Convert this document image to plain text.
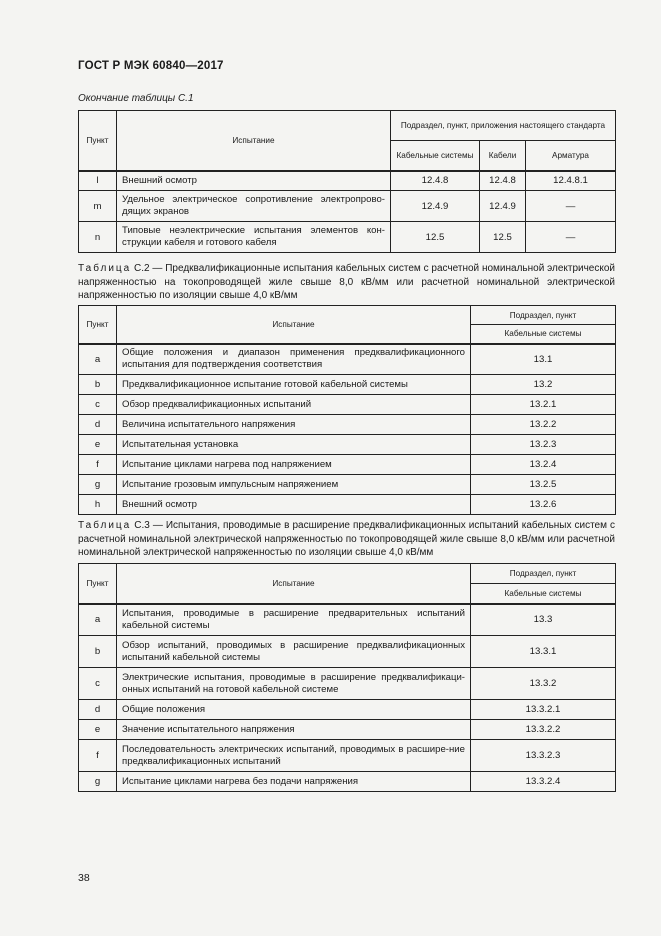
ГОСТ Р МЭК 60840—2017
Окончание таблицы С.1
Пункт	Испытание	Подраздел, пункт, приложения настоящего стандарта		
		Кабельные системы	Кабели	Арматура
l	Внешний осмотр	12.4.8	12.4.8	12.4.8.1
m	Удельное электрическое сопротивление электропрово-дящих экранов	12.4.9	12.4.9	—
n	Типовые неэлектрические испытания элементов кон-струкции кабеля и готового кабеля	12.5	12.5	—
Таблица С.2 — Предквалификационные испытания кабельных систем с расчетной номинальной электрической напряженностью на токопроводящей жиле свыше 8,0 кВ/мм или расчетной номинальной электрической напряженностью по изоляции свыше 4,0 кВ/мм
Пункт	Испытание	Подраздел, пункт
		Кабельные системы
a	Общие положения и диапазон применения предквалификационного испытания для подтверждения соответствия	13.1
b	Предквалификационное испытание готовой кабельной системы	13.2
c	Обзор предквалификационных испытаний	13.2.1
d	Величина испытательного напряжения	13.2.2
e	Испытательная установка	13.2.3
f	Испытание циклами нагрева под напряжением	13.2.4
g	Испытание грозовым импульсным напряжением	13.2.5
h	Внешний осмотр	13.2.6
Таблица С.3 — Испытания, проводимые в расширение предквалификационных испытаний кабельных систем с расчетной номинальной электрической напряженностью по токопроводящей жиле свыше 8,0 кВ/мм или расчетной номинальной электрической напряженностью по изоляции свыше 4,0 кВ/мм
Пункт	Испытание	Подраздел, пункт
		Кабельные системы
a	Испытания, проводимые в расширение предварительных испытаний кабельной системы	13.3
b	Обзор испытаний, проводимых в расширение предквалификационных испытаний кабельной системы	13.3.1
c	Электрические испытания, проводимые в расширение предквалификаци-онных испытаний на готовой кабельной системе	13.3.2
d	Общие положения	13.3.2.1
e	Значение испытательного напряжения	13.3.2.2
f	Последовательность электрических испытаний, проводимых в расшире-ние предквалификационных испытаний	13.3.2.3
g	Испытание циклами нагрева без подачи напряжения	13.3.2.4
38
